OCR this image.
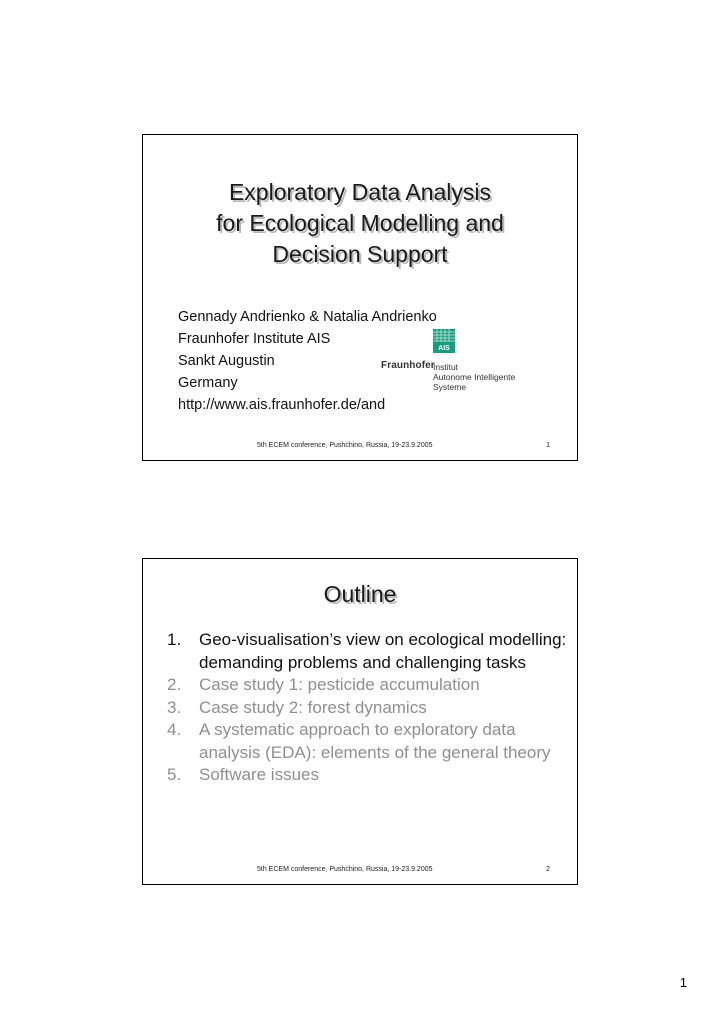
Exploratory Data Analysis
for Ecological Modelling and
Decision Support
Gennady Andrienko & Natalia Andrienko
Fraunhofer Institute AIS
Sankt Augustin
Germany
http://www.ais.fraunhofer.de/and
AIS
Fraunhofer
Institut
Autonome Intelligente
Systeme
5th ECEM conference, Pushchino, Russia, 19-23.9.2005	1
Outline
1. Geo-visualisation’s view on ecological modelling: demanding problems and challenging tasks
2. Case study 1: pesticide accumulation
3. Case study 2: forest dynamics
4. A systematic approach to exploratory data analysis (EDA): elements of the general theory
5. Software issues
5th ECEM conference, Pushchino, Russia, 19-23.9.2005	2
1
